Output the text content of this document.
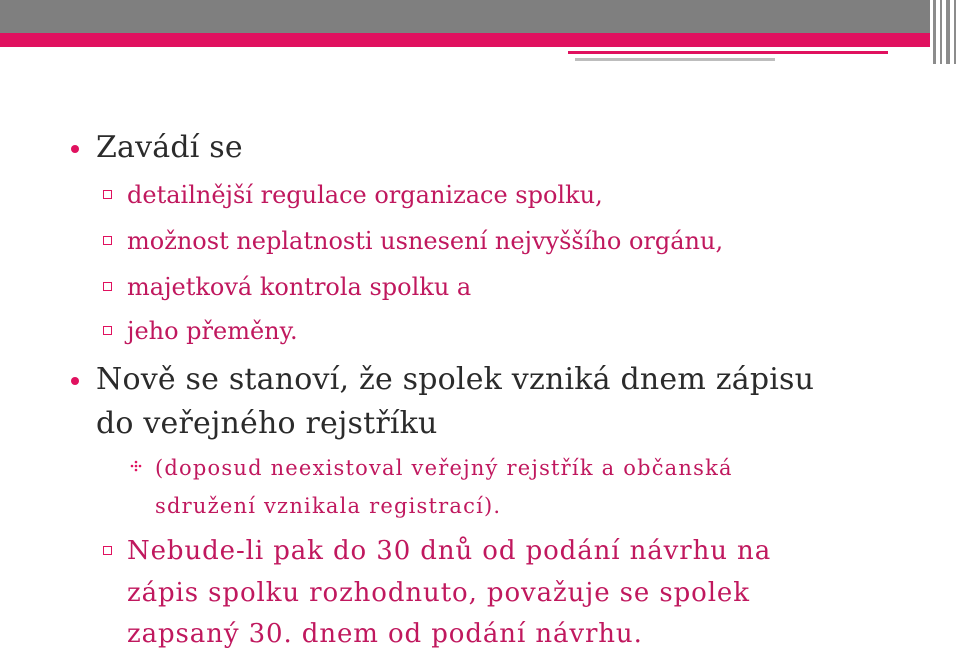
Zavádí se

detailnější regulace organizace spolku,

možnost neplatnosti usnesení nejvyššího orgánu,

majetková kontrola spolku a

jeho přeměny.

Nově se stanoví, že spolek vzniká dnem zápisu

do veřejného rejstříku

(doposud neexistoval veřejný rejstřík a občanská

sdružení vznikala registrací).

Nebude-li pak do 30 dnů od podání návrhu na

zápis spolku rozhodnuto, považuje se spolek

zapsaný 30. dnem od podání návrhu.
